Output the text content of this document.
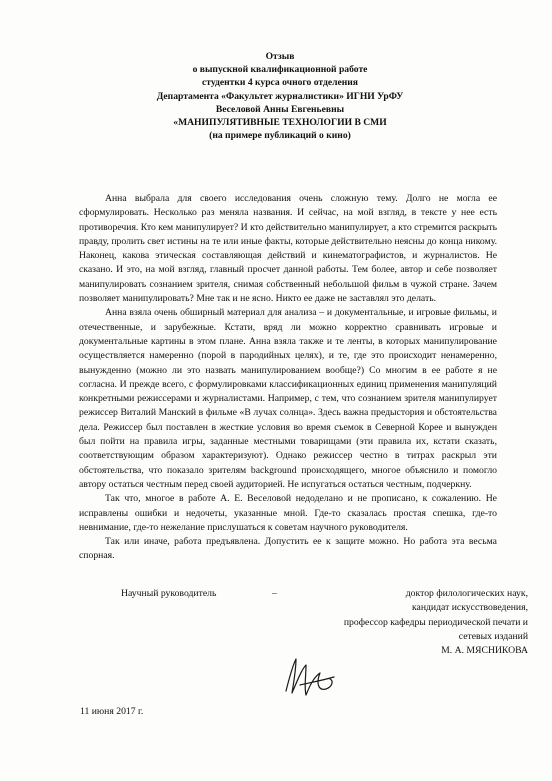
Отзыв
о выпускной квалификационной работе
студентки 4 курса очного отделения
Департамента «Факультет журналистики» ИГНИ УрФУ
Веселовой Анны Евгеньевны
«МАНИПУЛЯТИВНЫЕ ТЕХНОЛОГИИ В СМИ
(на примере публикаций о кино)

Анна выбрала для своего исследования очень сложную тему. Долго не могла ее сформулировать. Несколько раз меняла названия. И сейчас, на мой взгляд, в тексте у нее есть противоречия. Кто кем манипулирует? И кто действительно манипулирует, а кто стремится раскрыть правду, пролить свет истины на те или иные факты, которые действительно неясны до конца никому. Наконец, какова этическая составляющая действий и кинематографистов, и журналистов. Не сказано. И это, на мой взгляд, главный просчет данной работы. Тем более, автор и себе позволяет манипулировать сознанием зрителя, снимая собственный небольшой фильм в чужой стране. Зачем позволяет манипулировать? Мне так и не ясно. Никто ее даже не заставлял это делать.

Анна взяла очень обширный материал для анализа – и документальные, и игровые фильмы, и отечественные, и зарубежные. Кстати, вряд ли можно корректно сравнивать игровые и документальные картины в этом плане. Анна взяла также и те ленты, в которых манипулирование осуществляется намеренно (порой в пародийных целях), и те, где это происходит ненамеренно, вынужденно (можно ли это назвать манипулированием вообще?) Со многим в ее работе я не согласна. И прежде всего, с формулировками классификационных единиц применения манипуляций конкретными режиссерами и журналистами. Например, с тем, что сознанием зрителя манипулирует режиссер Виталий Манский в фильме «В лучах солнца». Здесь важна предыстория и обстоятельства дела. Режиссер был поставлен в жесткие условия во время съемок в Северной Корее и вынужден был пойти на правила игры, заданные местными товарищами (эти правила их, кстати сказать, соответствующим образом характеризуют). Однако режиссер честно в титрах раскрыл эти обстоятельства, что показало зрителям background происходящего, многое объяснило и помогло автору остаться честным перед своей аудиторией. Не испугаться остаться честным, подчеркну.

Так что, многое в работе А. Е. Веселовой недоделано и не прописано, к сожалению. Не исправлены ошибки и недочеты, указанные мной. Где-то сказалась простая спешка, где-то невнимание, где-то нежелание прислушаться к советам научного руководителя.

Так или иначе, работа предъявлена. Допустить ее к защите можно. Но работа эта весьма спорная.

Научный руководитель	–	доктор филологических наук,
кандидат искусствоведения,
профессор кафедры периодической печати и
сетевых изданий
М. А. МЯСНИКОВА
11 июня 2017 г.
